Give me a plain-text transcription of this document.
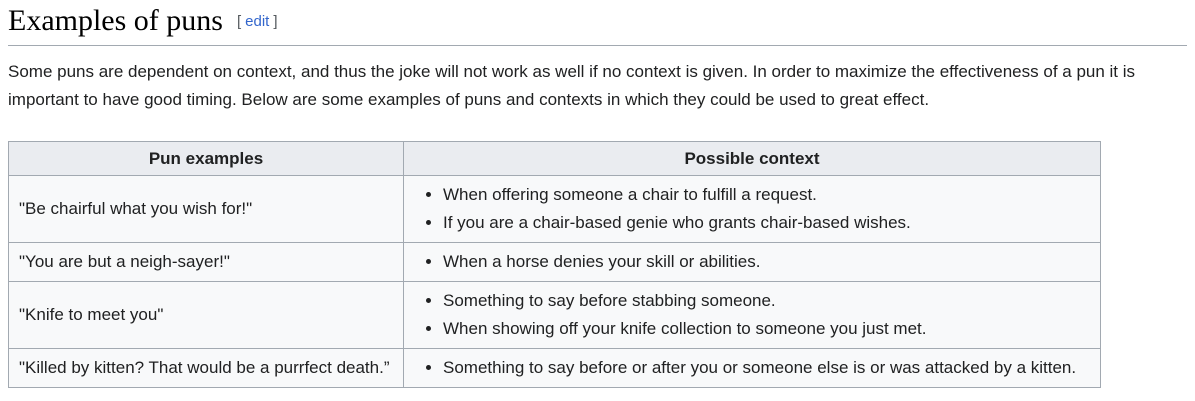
Examples of puns [ edit ]

Some puns are dependent on context, and thus the joke will not work as well if no context is given. In order to maximize the effectiveness of a pun it is important to have good timing. Below are some examples of puns and contexts in which they could be used to great effect.

Pun examples	Possible context
"Be chairful what you wish for!"	
• When offering someone a chair to fulfill a request.
• If you are a chair-based genie who grants chair-based wishes.

"You are but a neigh-sayer!"	
•When a horse denies your skill or abilities.

"Knife to meet you"	
• Something to say before stabbing someone.
• When showing off your knife collection to someone you just met.

"Killed by kitten? That would be a purrfect death.”	
•Something to say before or after you or someone else is or was attacked by a kitten.
